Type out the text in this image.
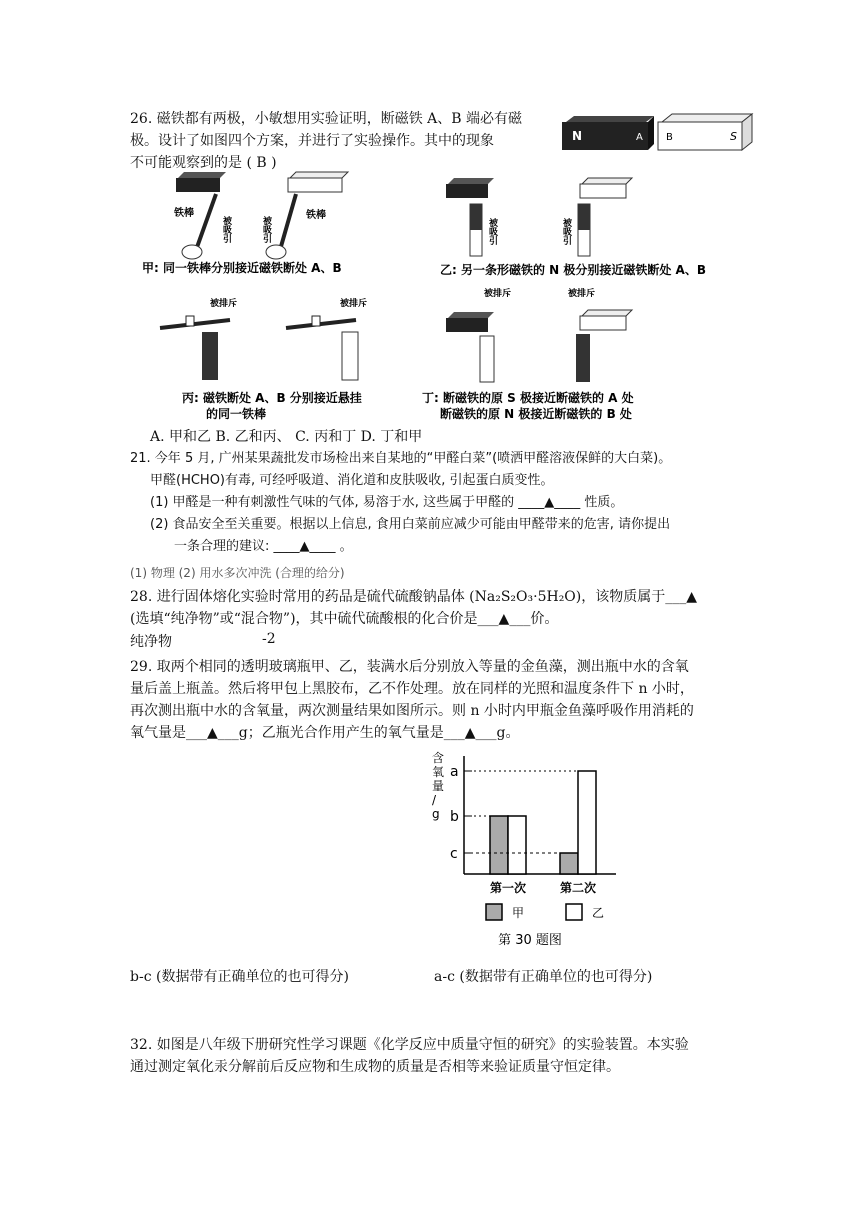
26. 磁铁都有两极，小敏想用实验证明，断磁铁 A、B 端必有磁
极。设计了如图四个方案，并进行了实验操作。其中的现象
不可能观察到的是 ( B )
N	A B	S
铁棒	铁棒
被吸引	被吸引
甲: 同一铁棒分别接近磁铁断处 A、B
被吸引	被吸引
乙: 另一条形磁铁的 N 极分别接近磁铁断处 A、B
被排斥	被排斥
丙: 磁铁断处 A、B 分别接近悬挂
的同一铁棒
被排斥	被排斥
丁: 断磁铁的原 S 极接近断磁铁的 A 处
断磁铁的原 N 极接近断磁铁的 B 处
A. 甲和乙 B. 乙和丙、 C. 丙和丁 D. 丁和甲
21. 今年 5 月, 广州某果蔬批发市场检出来自某地的“甲醛白菜”(喷洒甲醛溶液保鲜的大白菜)。
甲醛(HCHO)有毒, 可经呼吸道、消化道和皮肤吸收, 引起蛋白质变性。
(1) 甲醛是一种有刺激性气味的气体, 易溶于水, 这些属于甲醛的 ____▲____ 性质。
(2) 食品安全至关重要。根据以上信息, 食用白菜前应减少可能由甲醛带来的危害, 请你提出
一条合理的建议: ____▲____ 。
(1) 物理 (2) 用水多次冲洗 (合理的给分)
28. 进行固体熔化实验时常用的药品是硫代硫酸钠晶体 (Na₂S₂O₃·5H₂O)，该物质属于___▲
(选填“纯净物”或“混合物”)，其中硫代硫酸根的化合价是___▲___价。
纯净物	-2
29. 取两个相同的透明玻璃瓶甲、乙，装满水后分别放入等量的金鱼藻，测出瓶中水的含氧
量后盖上瓶盖。然后将甲包上黑胶布，乙不作处理。放在同样的光照和温度条件下 n 小时，
再次测出瓶中水的含氧量，两次测量结果如图所示。则 n 小时内甲瓶金鱼藻呼吸作用消耗的
氧气量是___▲___g；乙瓶光合作用产生的氧气量是___▲___g。
含
氧
量
/
g
a
b
c
第一次	第二次
甲	乙
第 30 题图
b-c (数据带有正确单位的也可得分)	a-c (数据带有正确单位的也可得分)
32. 如图是八年级下册研究性学习课题《化学反应中质量守恒的研究》的实验装置。本实验
通过测定氧化汞分解前后反应物和生成物的质量是否相等来验证质量守恒定律。
